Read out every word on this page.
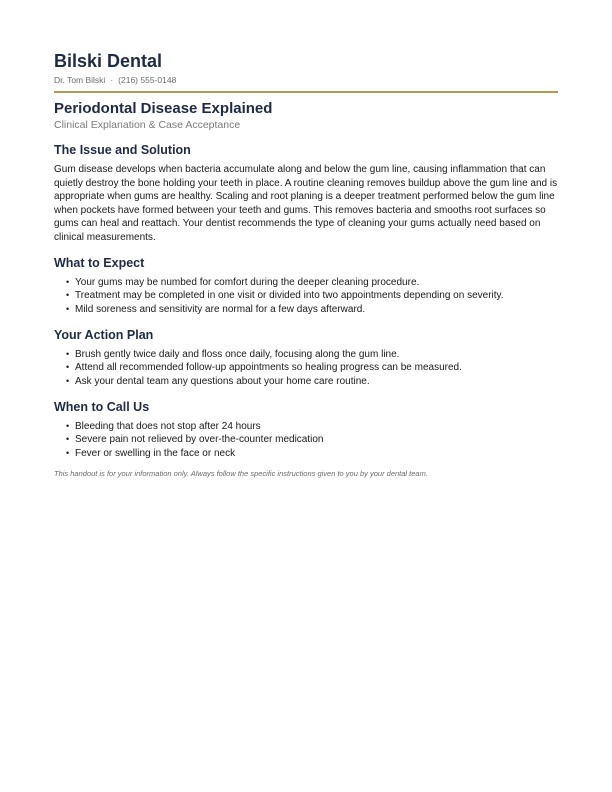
Bilski Dental
Dr. Tom Bilski · (216) 555-0148
Periodontal Disease Explained
Clinical Explanation & Case Acceptance
The Issue and Solution

Gum disease develops when bacteria accumulate along and below the gum line, causing inflammation that can quietly destroy the bone holding your teeth in place. A routine cleaning removes buildup above the gum line and is appropriate when gums are healthy. Scaling and root planing is a deeper treatment performed below the gum line when pockets have formed between your teeth and gums. This removes bacteria and smooths root surfaces so gums can heal and reattach. Your dentist recommends the type of cleaning your gums actually need based on clinical measurements.

What to Expect
• Your gums may be numbed for comfort during the deeper cleaning procedure.
• Treatment may be completed in one visit or divided into two appointments depending on severity.
• Mild soreness and sensitivity are normal for a few days afterward.
Your Action Plan
• Brush gently twice daily and floss once daily, focusing along the gum line.
• Attend all recommended follow-up appointments so healing progress can be measured.
• Ask your dental team any questions about your home care routine.
When to Call Us
• Bleeding that does not stop after 24 hours
• Severe pain not relieved by over-the-counter medication
• Fever or swelling in the face or neck
This handout is for your information only. Always follow the specific instructions given to you by your dental team.
